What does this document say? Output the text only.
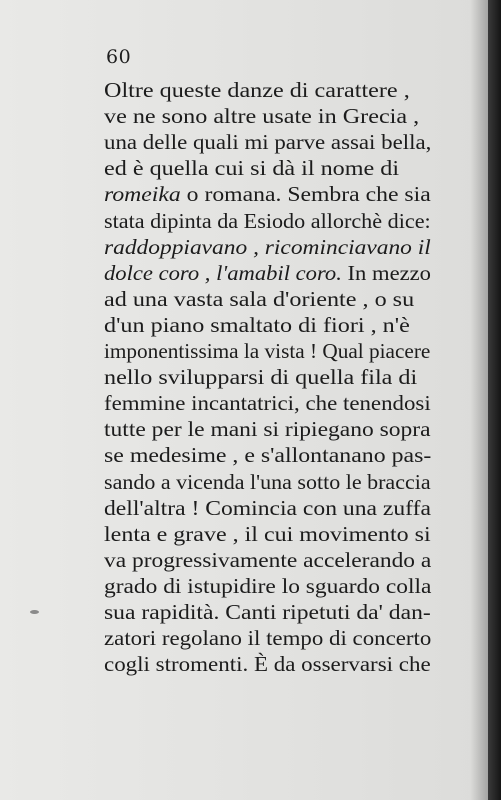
60
Oltre queste danze di carattere ,
ve ne sono altre usate in Grecia ,
una delle quali mi parve assai bella,
ed è quella cui si dà il nome di
romeika o romana. Sembra che sia
stata dipinta da Esiodo allorchè dice:
raddoppiavano , ricominciavano il
dolce coro , l'amabil coro. In mezzo
ad una vasta sala d'oriente , o su
d'un piano smaltato di fiori , n'è
imponentissima la vista ! Qual piacere
nello svilupparsi di quella fila di
femmine incantatrici, che tenendosi
tutte per le mani si ripiegano sopra
se medesime , e s'allontanano pas-
sando a vicenda l'una sotto le braccia
dell'altra ! Comincia con una zuffa
lenta e grave , il cui movimento si
va progressivamente accelerando a
grado di istupidire lo sguardo colla
sua rapidità. Canti ripetuti da' dan-
zatori regolano il tempo di concerto
cogli stromenti. È da osservarsi che
